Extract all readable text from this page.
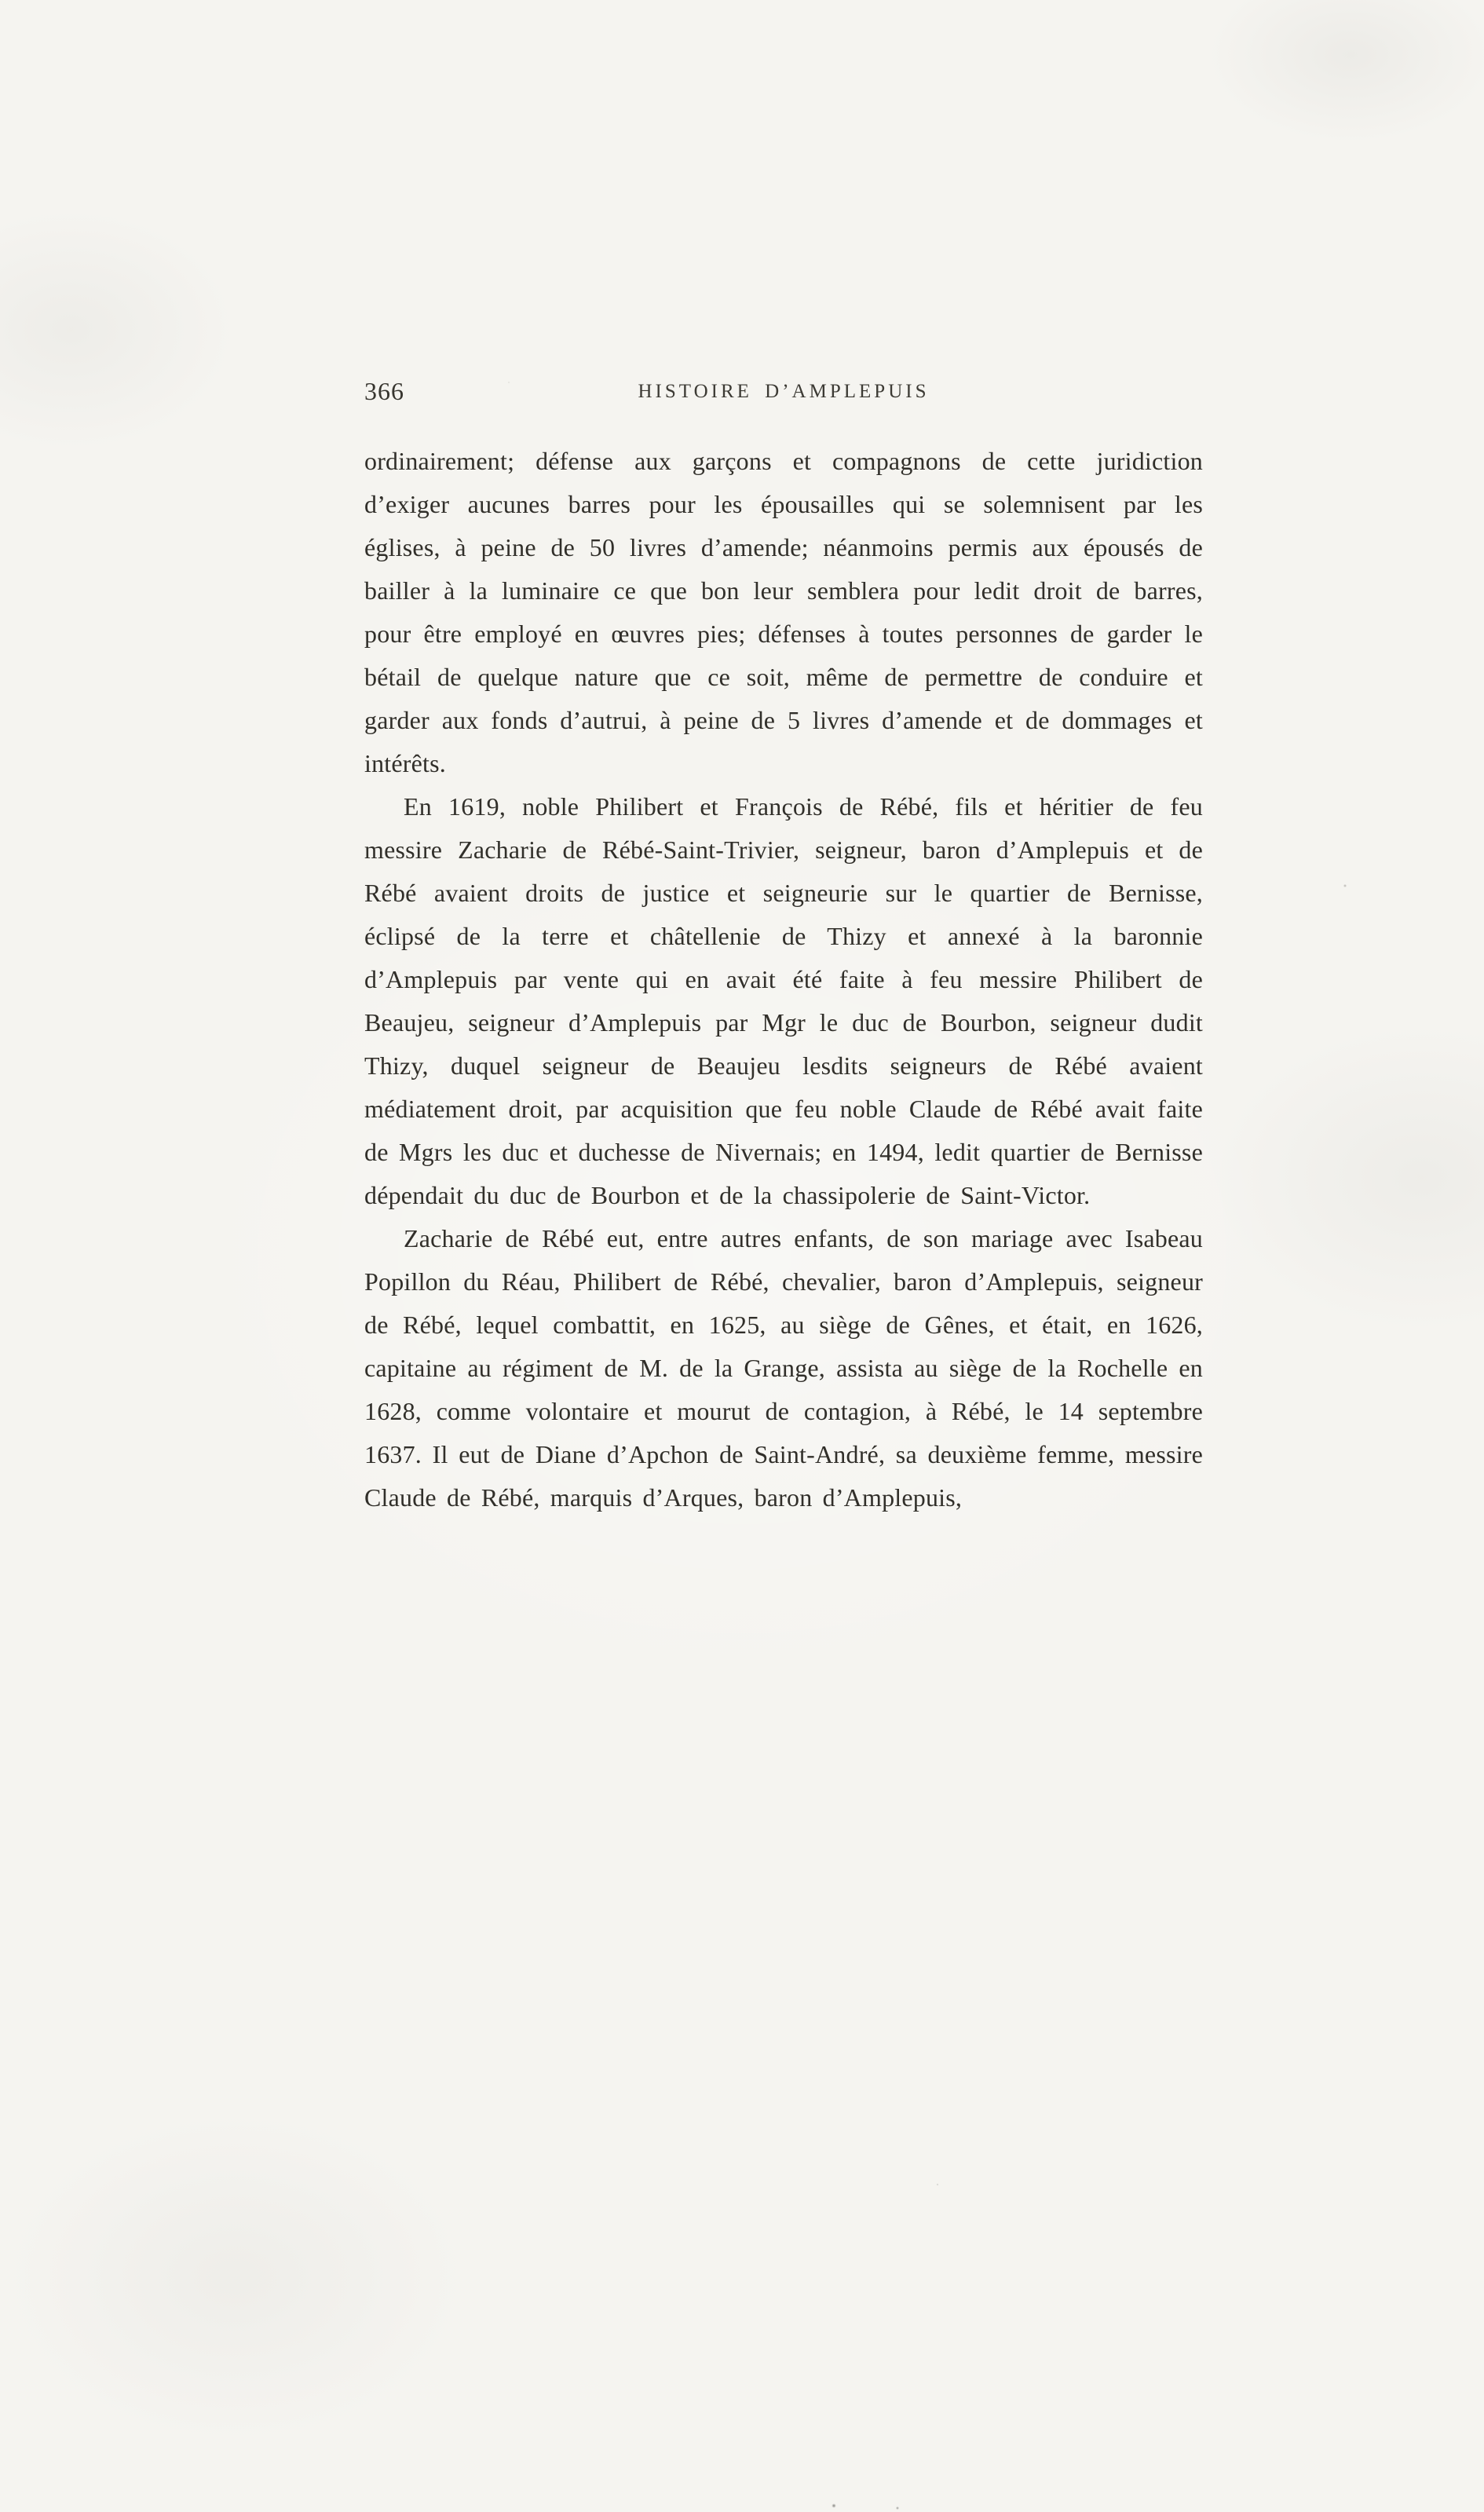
366	HISTOIRE D’AMPLEPUIS

ordinairement; défense aux garçons et compagnons de cette juridiction d’exiger aucunes barres pour les épousailles qui se solemnisent par les églises, à peine de 50 livres d’amende; néanmoins permis aux épousés de bailler à la luminaire ce que bon leur semblera pour ledit droit de barres, pour être employé en œuvres pies; défenses à toutes personnes de garder le bétail de quelque nature que ce soit, même de permettre de conduire et garder aux fonds d’autrui, à peine de 5 livres d’amende et de dommages et intérêts.

En 1619, noble Philibert et François de Rébé, fils et héritier de feu messire Zacharie de Rébé-Saint-Trivier, seigneur, baron d’Amplepuis et de Rébé avaient droits de justice et seigneurie sur le quartier de Bernisse, éclipsé de la terre et châtellenie de Thizy et annexé à la baronnie d’Amplepuis par vente qui en avait été faite à feu messire Philibert de Beaujeu, seigneur d’Amplepuis par Mgr le duc de Bourbon, seigneur dudit Thizy, duquel seigneur de Beaujeu lesdits seigneurs de Rébé avaient médiatement droit, par acquisition que feu noble Claude de Rébé avait faite de Mgrs les duc et duchesse de Nivernais; en 1494, ledit quartier de Bernisse dépendait du duc de Bourbon et de la chassipolerie de Saint-Victor.

Zacharie de Rébé eut, entre autres enfants, de son mariage avec Isabeau Popillon du Réau, Philibert de Rébé, chevalier, baron d’Amplepuis, seigneur de Rébé, lequel combattit, en 1625, au siège de Gênes, et était, en 1626, capitaine au régiment de M. de la Grange, assista au siège de la Rochelle en 1628, comme volontaire et mourut de contagion, à Rébé, le 14 septembre 1637. Il eut de Diane d’Apchon de Saint-André, sa deuxième femme, messire Claude de Rébé, marquis d’Arques, baron d’Amplepuis,
